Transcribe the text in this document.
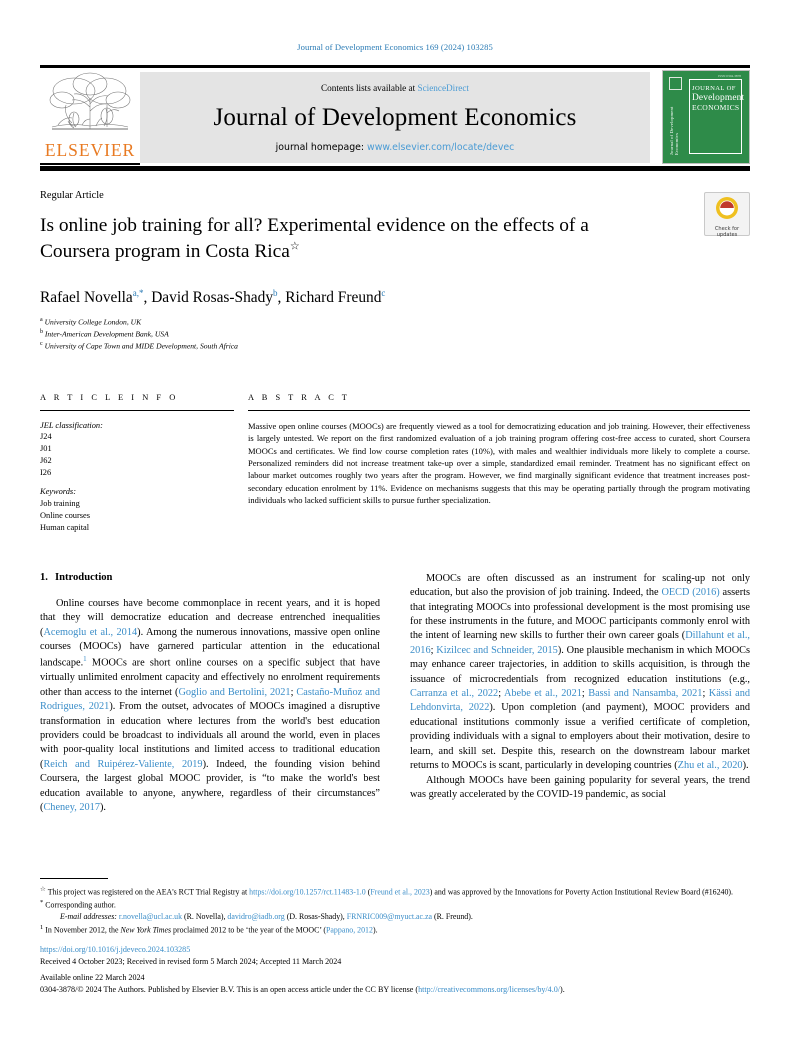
Journal of Development Economics 169 (2024) 103285
ELSEVIER
Contents lists available at ScienceDirect
Journal of Development Economics
journal homepage: www.elsevier.com/locate/devec
ISSN 0304-3878
Journal of Development Economics
JOURNAL OF
Development
ECONOMICS
Check for updates
Regular Article
Is online job training for all? Experimental evidence on the effects of a Coursera program in Costa Rica☆
Rafael Novella$^{a,*}$, David Rosas-Shady$^b$, Richard Freund$^c$
$^a$ University College London, UK
$^b$ Inter-American Development Bank, USA
$^c$ University of Cape Town and MIDE Development, South Africa
A R T I C L E I N F O
JEL classification:
J24
J01
J62
I26
Keywords:
Job training
Online courses
Human capital
A B S T R A C T
Massive open online courses (MOOCs) are frequently viewed as a tool for democratizing education and job training. However, their effectiveness is largely untested. We report on the first randomized evaluation of a job training program offering cost-free access to curated, short Coursera MOOCs and certificates. We find low course completion rates (10%), with males and wealthier individuals more likely to complete a course. Personalized reminders did not increase treatment take-up over a simple, standardized email reminder. Treatment has no significant effect on labour market outcomes roughly two years after the program. However, we find marginally significant evidence that treatment increases post-secondary education enrolment by 11%. Evidence on mechanisms suggests that this may be operating partially through the program motivating individuals who lacked sufficient skills to pursue further specialization.
1. Introduction

Online courses have become commonplace in recent years, and it is hoped that they will democratize education and decrease entrenched inequalities (Acemoglu et al., 2014). Among the numerous innovations, massive open online courses (MOOCs) have garnered particular attention in the educational landscape.$^1$ MOOCs are short online courses on a specific subject that have virtually unlimited enrolment capacity and effectively no enrolment requirements other than access to the internet (Goglio and Bertolini, 2021; Castaño-Muñoz and Rodrigues, 2021). From the outset, advocates of MOOCs imagined a disruptive transformation in education where lectures from the world's best education providers could be broadcast to individuals all around the world, even in places with poor-quality local institutions and limited access to traditional education (Reich and Ruipérez-Valiente, 2019). Indeed, the founding vision behind Coursera, the largest global MOOC provider, is “to make the world's best education available to anyone, anywhere, regardless of their circumstances” (Cheney, 2017).

MOOCs are often discussed as an instrument for scaling-up not only education, but also the provision of job training. Indeed, the OECD (2016) asserts that integrating MOOCs into professional development is the most promising use for these instruments in the future, and MOOC participants commonly enrol with the intent of learning new skills to further their own career goals (Dillahunt et al., 2016; Kizilcec and Schneider, 2015). One plausible mechanism in which MOOCs may enhance career trajectories, in addition to skills acquisition, is through the issuance of microcredentials from recognized education institutions (e.g., Carranza et al., 2022; Abebe et al., 2021; Bassi and Nansamba, 2021; Kässi and Lehdonvirta, 2022). Upon completion (and payment), MOOC providers and educational institutions commonly issue a verified certificate of completion, providing individuals with a signal to employers about their motivation, desire to learn, and skill set. Despite this, research on the downstream labour market returns to MOOCs is scant, particularly in developing countries (Zhu et al., 2020).

Although MOOCs have been gaining popularity for several years, the trend was greatly accelerated by the COVID-19 pandemic, as social

☆ This project was registered on the AEA's RCT Trial Registry at https://doi.org/10.1257/rct.11483-1.0 (Freund et al., 2023) and was approved by the Innovations for Poverty Action Institutional Review Board (#16240).

* Corresponding author.

E-mail addresses: r.novella@ucl.ac.uk (R. Novella), davidro@iadb.org (D. Rosas-Shady), FRNRIC009@myuct.ac.za (R. Freund).

$^1$ In November 2012, the New York Times proclaimed 2012 to be ‘the year of the MOOC’ (Pappano, 2012).

https://doi.org/10.1016/j.jdeveco.2024.103285
Received 4 October 2023; Received in revised form 5 March 2024; Accepted 11 March 2024
Available online 22 March 2024
0304-3878/© 2024 The Authors. Published by Elsevier B.V. This is an open access article under the CC BY license (http://creativecommons.org/licenses/by/4.0/).
